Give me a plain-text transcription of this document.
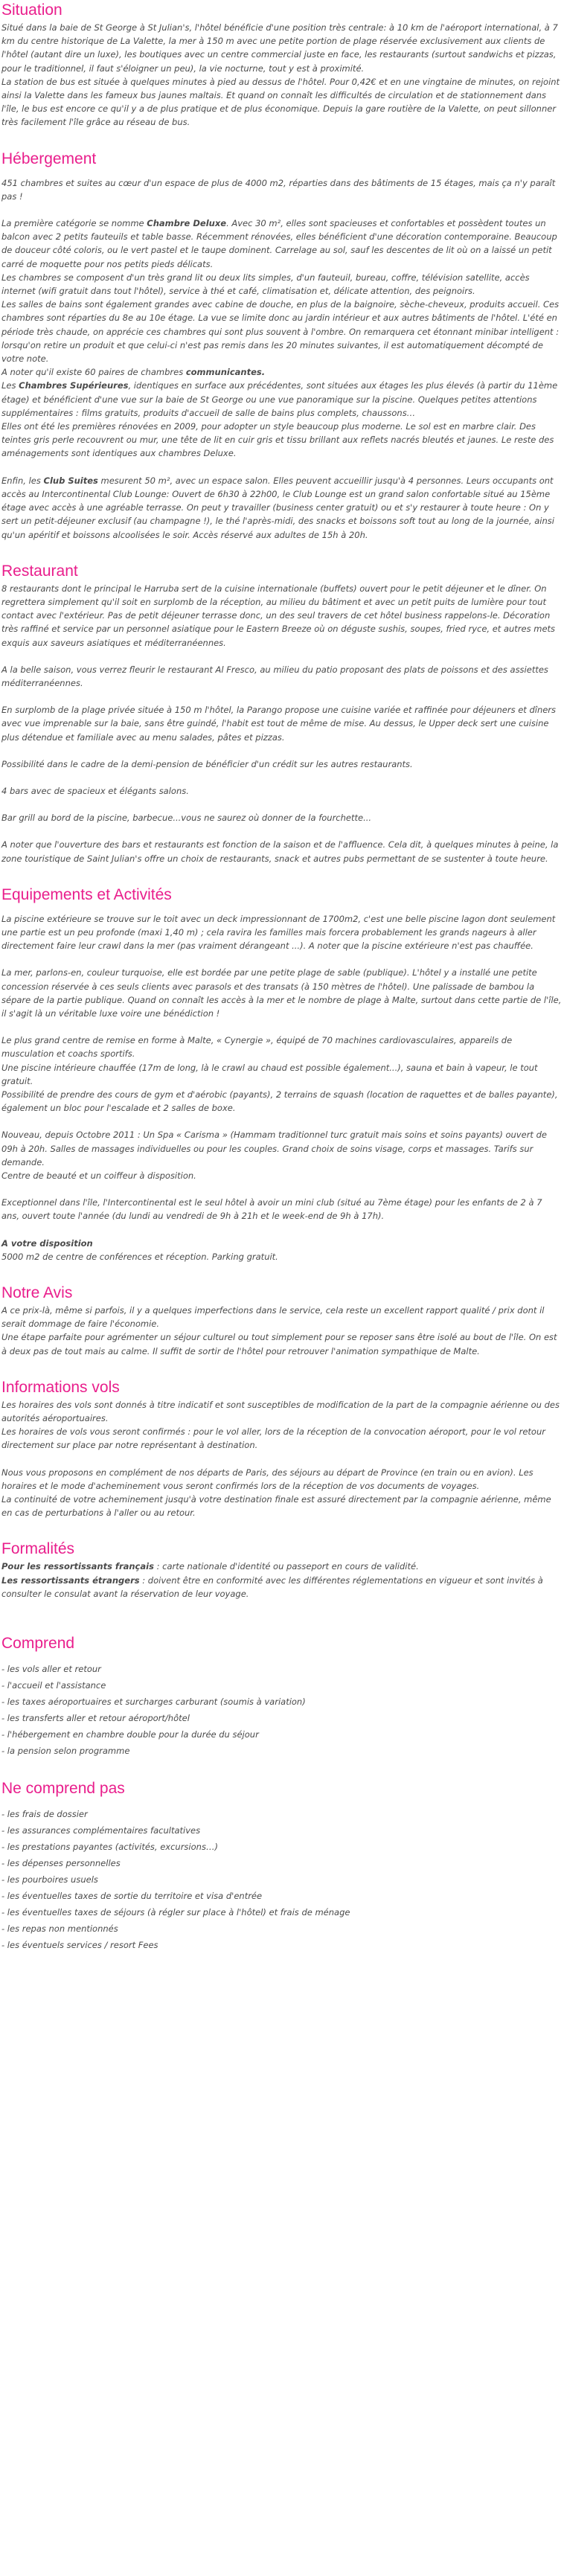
Situation

Situé dans la baie de St George à St Julian's, l'hôtel bénéficie d'une position très centrale: à 10 km de l'aéroport international, à 7 km du centre historique de La Valette, la mer à 150 m avec une petite portion de plage réservée exclusivement aux clients de l'hôtel (autant dire un luxe), les boutiques avec un centre commercial juste en face, les restaurants (surtout sandwichs et pizzas, pour le traditionnel, il faut s'éloigner un peu), la vie nocturne, tout y est à proximité.

La station de bus est située à quelques minutes à pied au dessus de l'hôtel. Pour 0,42€ et en une vingtaine de minutes, on rejoint ainsi la Valette dans les fameux bus jaunes maltais. Et quand on connaît les difficultés de circulation et de stationnement dans l'île, le bus est encore ce qu'il y a de plus pratique et de plus économique. Depuis la gare routière de la Valette, on peut sillonner très facilement l'île grâce au réseau de bus.

Hébergement

451 chambres et suites au cœur d'un espace de plus de 4000 m2, réparties dans des bâtiments de 15 étages, mais ça n'y paraît pas !

La première catégorie se nomme Chambre Deluxe. Avec 30 m², elles sont spacieuses et confortables et possèdent toutes un balcon avec 2 petits fauteuils et table basse. Récemment rénovées, elles bénéficient d'une décoration contemporaine. Beaucoup de douceur côté coloris, ou le vert pastel et le taupe dominent. Carrelage au sol, sauf les descentes de lit où on a laissé un petit carré de moquette pour nos petits pieds délicats.

Les chambres se composent d'un très grand lit ou deux lits simples, d'un fauteuil, bureau, coffre, télévision satellite, accès internet (wifi gratuit dans tout l'hôtel), service à thé et café, climatisation et, délicate attention, des peignoirs.

Les salles de bains sont également grandes avec cabine de douche, en plus de la baignoire, sèche-cheveux, produits accueil. Ces chambres sont réparties du 8e au 10e étage. La vue se limite donc au jardin intérieur et aux autres bâtiments de l'hôtel. L'été en période très chaude, on apprécie ces chambres qui sont plus souvent à l'ombre. On remarquera cet étonnant minibar intelligent : lorsqu'on retire un produit et que celui-ci n'est pas remis dans les 20 minutes suivantes, il est automatiquement décompté de votre note.

A noter qu'il existe 60 paires de chambres communicantes.

Les Chambres Supérieures, identiques en surface aux précédentes, sont situées aux étages les plus élevés (à partir du 11ème étage) et bénéficient d'une vue sur la baie de St George ou une vue panoramique sur la piscine. Quelques petites attentions supplémentaires : films gratuits, produits d'accueil de salle de bains plus complets, chaussons…

Elles ont été les premières rénovées en 2009, pour adopter un style beaucoup plus moderne. Le sol est en marbre clair. Des teintes gris perle recouvrent ou mur, une tête de lit en cuir gris et tissu brillant aux reflets nacrés bleutés et jaunes. Le reste des aménagements sont identiques aux chambres Deluxe.

Enfin, les Club Suites mesurent 50 m², avec un espace salon. Elles peuvent accueillir jusqu'à 4 personnes. Leurs occupants ont accès au Intercontinental Club Lounge: Ouvert de 6h30 à 22h00, le Club Lounge est un grand salon confortable situé au 15ème étage avec accès à une agréable terrasse. On peut y travailler (business center gratuit) ou et s'y restaurer à toute heure : On y sert un petit-déjeuner exclusif (au champagne !), le thé l'après-midi, des snacks et boissons soft tout au long de la journée, ainsi qu'un apéritif et boissons alcoolisées le soir. Accès réservé aux adultes de 15h à 20h.

Restaurant

8 restaurants dont le principal le Harruba sert de la cuisine internationale (buffets) ouvert pour le petit déjeuner et le dîner. On regrettera simplement qu'il soit en surplomb de la réception, au milieu du bâtiment et avec un petit puits de lumière pour tout contact avec l'extérieur. Pas de petit déjeuner terrasse donc, un des seul travers de cet hôtel business rappelons-le. Décoration très raffiné et service par un personnel asiatique pour le Eastern Breeze où on déguste sushis, soupes, fried ryce, et autres mets exquis aux saveurs asiatiques et méditerranéennes.

A la belle saison, vous verrez fleurir le restaurant Al Fresco, au milieu du patio proposant des plats de poissons et des assiettes méditerranéennes.

En surplomb de la plage privée située à 150 m l'hôtel, la Parango propose une cuisine variée et raffinée pour déjeuners et dîners avec vue imprenable sur la baie, sans être guindé, l'habit est tout de même de mise. Au dessus, le Upper deck sert une cuisine plus détendue et familiale avec au menu salades, pâtes et pizzas.

Possibilité dans le cadre de la demi-pension de bénéficier d'un crédit sur les autres restaurants.

4 bars avec de spacieux et élégants salons.

Bar grill au bord de la piscine, barbecue...vous ne saurez où donner de la fourchette...

A noter que l'ouverture des bars et restaurants est fonction de la saison et de l'affluence. Cela dit, à quelques minutes à peine, la zone touristique de Saint Julian's offre un choix de restaurants, snack et autres pubs permettant de se sustenter à toute heure.

Equipements et Activités

La piscine extérieure se trouve sur le toit avec un deck impressionnant de 1700m2, c'est une belle piscine lagon dont seulement une partie est un peu profonde (maxi 1,40 m) ; cela ravira les familles mais forcera probablement les grands nageurs à aller directement faire leur crawl dans la mer (pas vraiment dérangeant ...). A noter que la piscine extérieure n'est pas chauffée.

La mer, parlons-en, couleur turquoise, elle est bordée par une petite plage de sable (publique). L'hôtel y a installé une petite concession réservée à ces seuls clients avec parasols et des transats (à 150 mètres de l'hôtel). Une palissade de bambou la sépare de la partie publique. Quand on connaît les accès à la mer et le nombre de plage à Malte, surtout dans cette partie de l'île, il s'agit là un véritable luxe voire une bénédiction !

Le plus grand centre de remise en forme à Malte, « Cynergie », équipé de 70 machines cardiovasculaires, appareils de musculation et coachs sportifs.

Une piscine intérieure chauffée (17m de long, là le crawl au chaud est possible également...), sauna et bain à vapeur, le tout gratuit.

Possibilité de prendre des cours de gym et d'aérobic (payants), 2 terrains de squash (location de raquettes et de balles payante), également un bloc pour l'escalade et 2 salles de boxe.

Nouveau, depuis Octobre 2011 : Un Spa « Carisma » (Hammam traditionnel turc gratuit mais soins et soins payants) ouvert de 09h à 20h. Salles de massages individuelles ou pour les couples. Grand choix de soins visage, corps et massages. Tarifs sur demande.

Centre de beauté et un coiffeur à disposition.

Exceptionnel dans l'île, l'Intercontinental est le seul hôtel à avoir un mini club (situé au 7ème étage) pour les enfants de 2 à 7 ans, ouvert toute l'année (du lundi au vendredi de 9h à 21h et le week-end de 9h à 17h).

A votre disposition

5000 m2 de centre de conférences et réception. Parking gratuit.

Notre Avis

A ce prix-là, même si parfois, il y a quelques imperfections dans le service, cela reste un excellent rapport qualité / prix dont il serait dommage de faire l'économie.

Une étape parfaite pour agrémenter un séjour culturel ou tout simplement pour se reposer sans être isolé au bout de l'île. On est à deux pas de tout mais au calme. Il suffit de sortir de l'hôtel pour retrouver l'animation sympathique de Malte.

Informations vols

Les horaires des vols sont donnés à titre indicatif et sont susceptibles de modification de la part de la compagnie aérienne ou des autorités aéroportuaires.

Les horaires de vols vous seront confirmés : pour le vol aller, lors de la réception de la convocation aéroport, pour le vol retour directement sur place par notre représentant à destination.

Nous vous proposons en complément de nos départs de Paris, des séjours au départ de Province (en train ou en avion). Les horaires et le mode d'acheminement vous seront confirmés lors de la réception de vos documents de voyages.

La continuité de votre acheminement jusqu'à votre destination finale est assuré directement par la compagnie aérienne, même en cas de perturbations à l'aller ou au retour.

Formalités

Pour les ressortissants français : carte nationale d'identité ou passeport en cours de validité.

Les ressortissants étrangers : doivent être en conformité avec les différentes réglementations en vigueur et sont invités à consulter le consulat avant la réservation de leur voyage.

Comprend
- les vols aller et retour
- l'accueil et l'assistance
- les taxes aéroportuaires et surcharges carburant (soumis à variation)
- les transferts aller et retour aéroport/hôtel
- l'hébergement en chambre double pour la durée du séjour
- la pension selon programme
Ne comprend pas
- les frais de dossier
- les assurances complémentaires facultatives
- les prestations payantes (activités, excursions…)
- les dépenses personnelles
- les pourboires usuels
- les éventuelles taxes de sortie du territoire et visa d'entrée
- les éventuelles taxes de séjours (à régler sur place à l'hôtel) et frais de ménage
- les repas non mentionnés
- les éventuels services / resort Fees
